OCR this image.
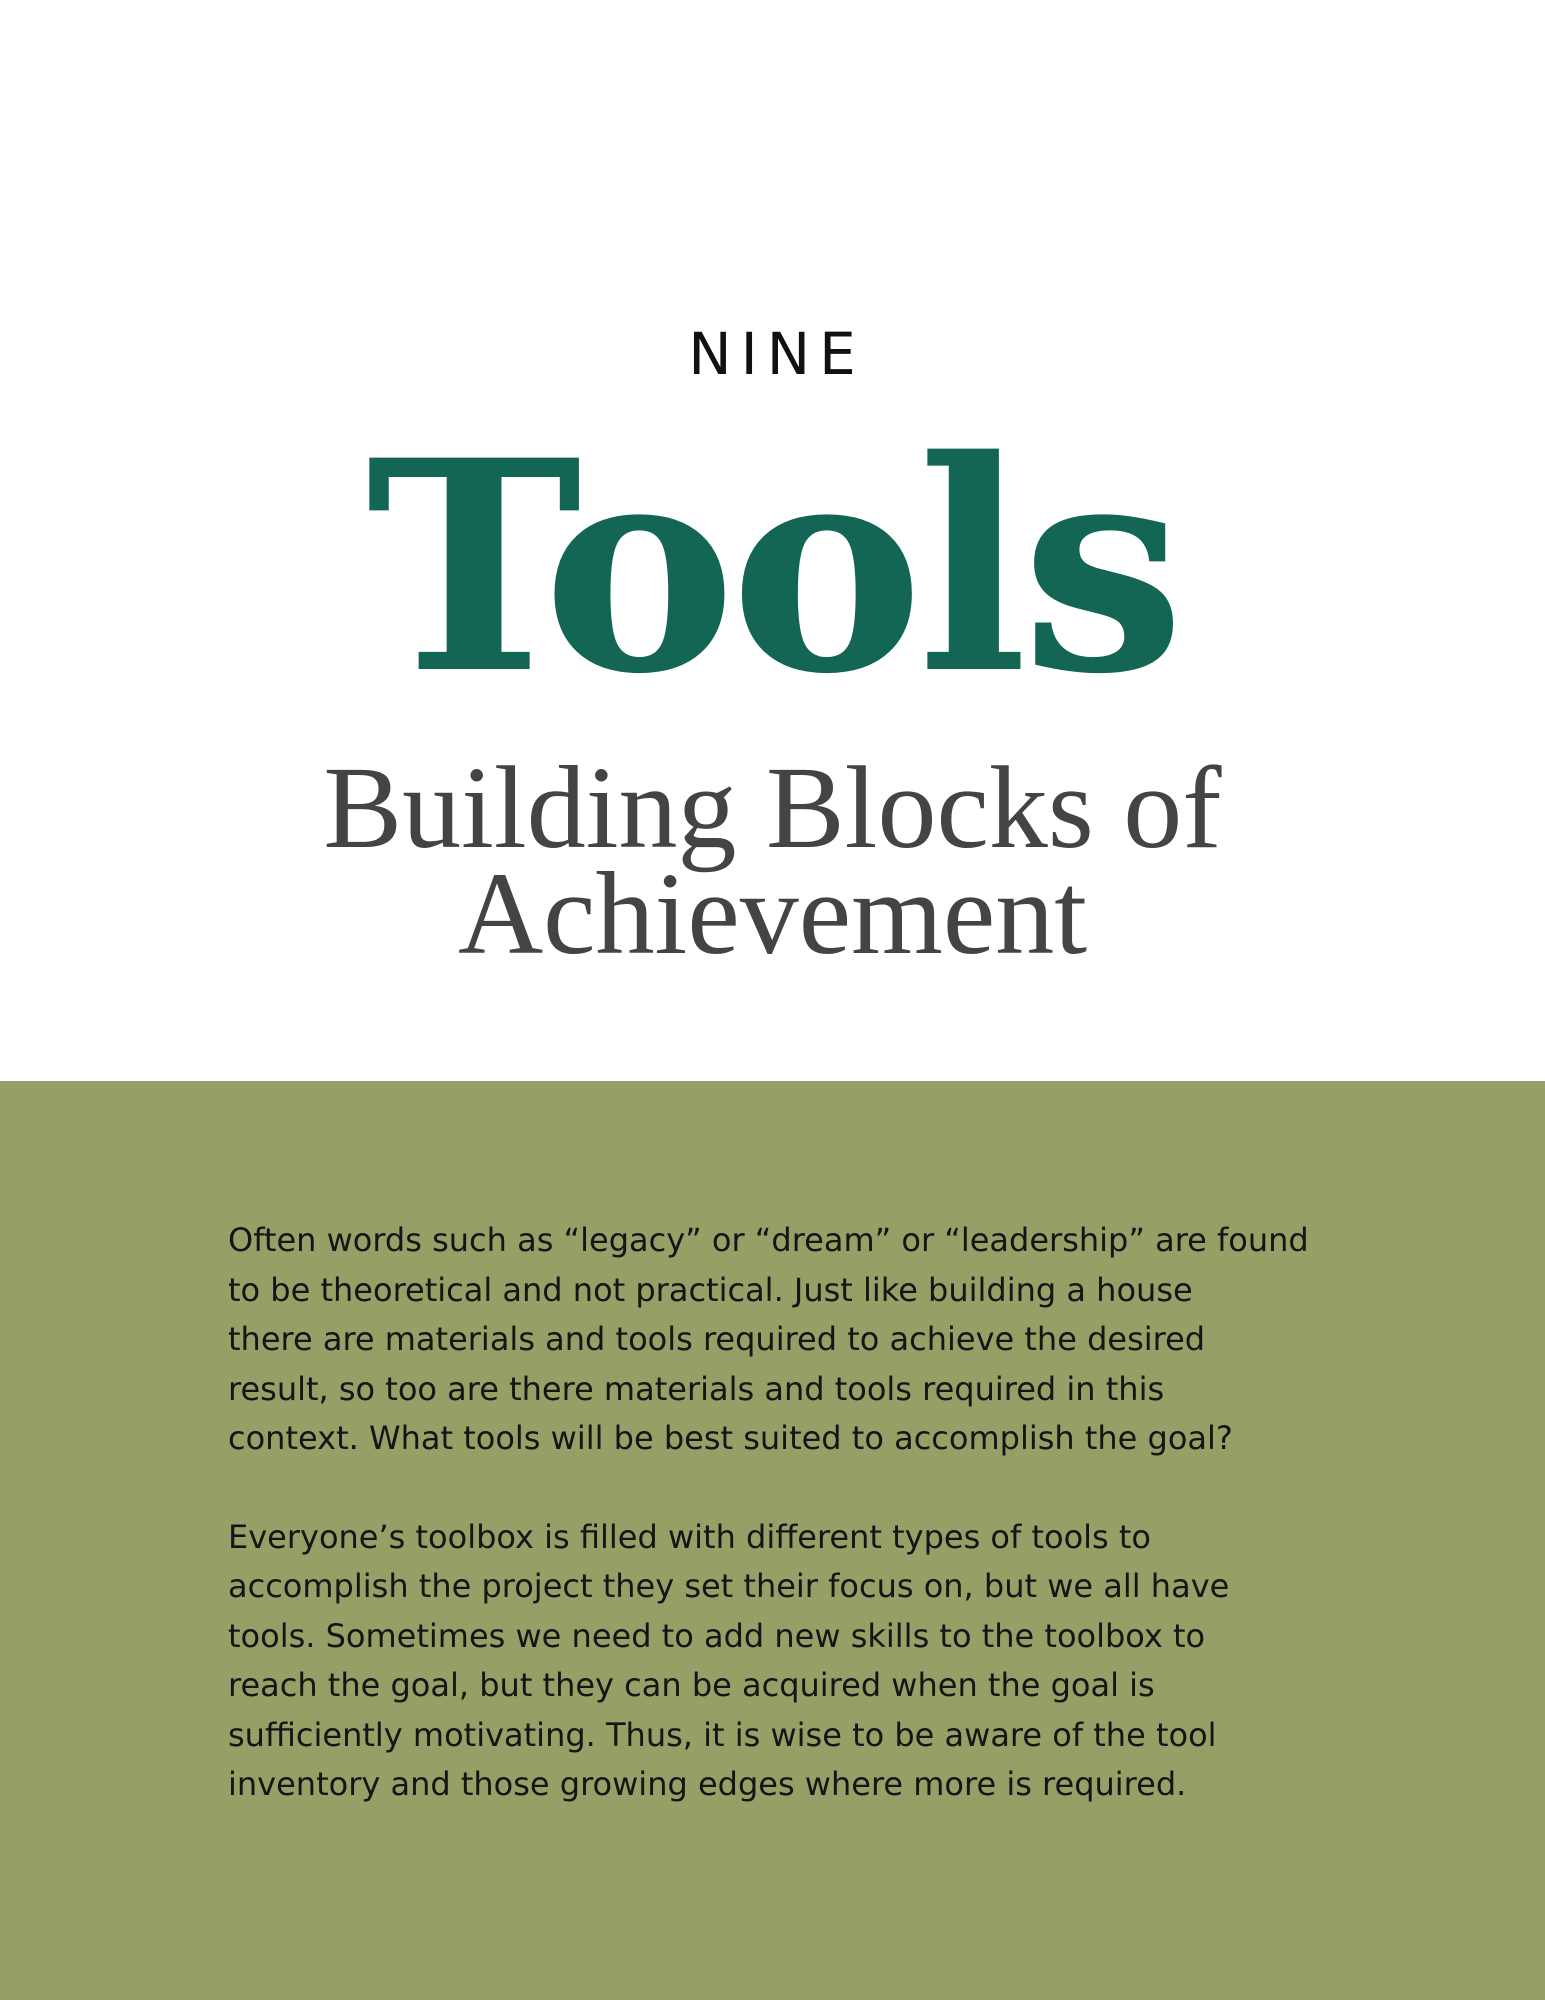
NINE
Tools
Building Blocks of
Achievement

Often words such as “legacy” or “dream” or “leadership” are found
to be theoretical and not practical. Just like building a house
there are materials and tools required to achieve the desired
result, so too are there materials and tools required in this
context. What tools will be best suited to accomplish the goal?

Everyone’s toolbox is filled with different types of tools to
accomplish the project they set their focus on, but we all have
tools. Sometimes we need to add new skills to the toolbox to
reach the goal, but they can be acquired when the goal is
sufficiently motivating. Thus, it is wise to be aware of the tool
inventory and those growing edges where more is required.
